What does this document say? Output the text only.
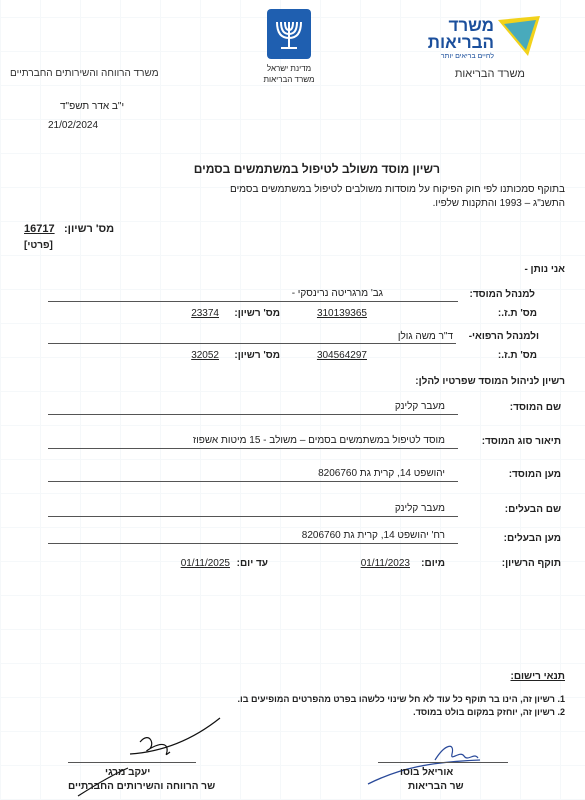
משרד
הבריאות
לחיים בריאים יותר
משרד הבריאות
מדינת ישראל
משרד הבריאות
משרד הרווחה והשירותים החברתיים
י"ב אדר תשפ"ד
21/02/2024
רשיון מוסד משולב לטיפול במשתמשים בסמים
בתוקף סמכותנו לפי חוק הפיקוח על מוסדות משולבים לטיפול במשתמשים בסמים
התשנ"ג – 1993 והתקנות שלפיו.
מס' רשיון:
16717
[פרטי]
אני נותן -
למנהל המוסד:
גב' מרגריטה נרינסקי -
מס' ת.ז.:
310139365
מס' רשיון:
23374
ולמנהל הרפואי-
ד"ר משה גולן
מס' ת.ז.:
304564297
מס' רשיון:
32052
רשיון לניהול המוסד שפרטיו להלן:
שם המוסד:
מעבר קלינק
תיאור סוג המוסד:
מוסד לטיפול במשתמשים בסמים – משולב - 15 מיטות אשפוז
מען המוסד:
יהושפט 14, קרית גת 8206760
שם הבעלים:
מעבר קלינק
מען הבעלים:
רח' יהושפט 14, קרית גת 8206760
תוקף הרשיון:
מיום:
01/11/2023
עד יום:
01/11/2025
תנאי רישום:
1. רשיון זה, הינו בר תוקף כל עוד לא חל שינוי כלשהו בפרט מהפרטים המופיעים בו.
2. רשיון זה, יוחזק במקום בולט במוסד.
אוריאל בוסו
שר הבריאות
יעקב מרגי
שר הרווחה והשירותים החברתיים
